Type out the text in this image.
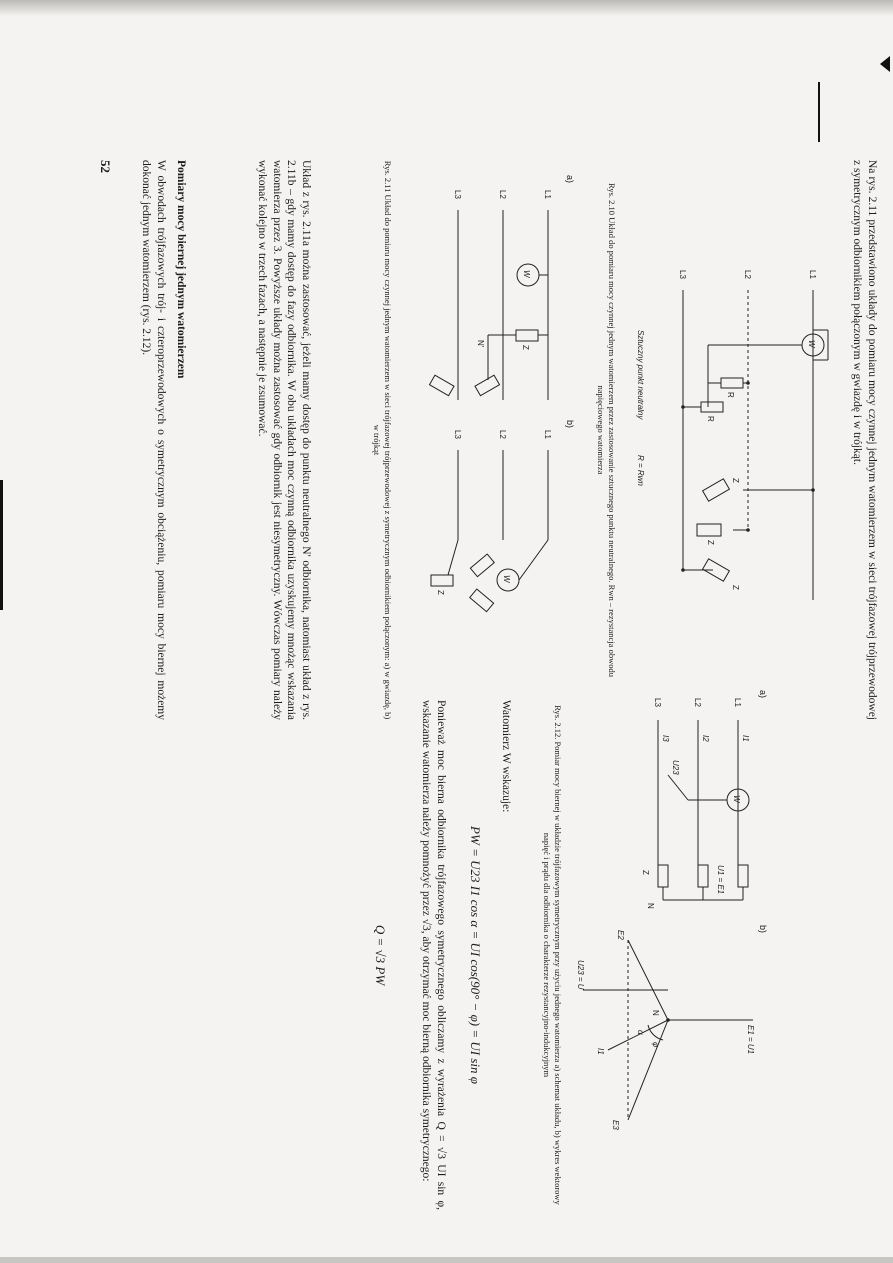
Na rys. 2.11 przedstawiono układy do pomiaru mocy czynnej jednym watomierzem w sieci trójfazowej trójprzewodowej z symetrycznym odbiornikiem połączonym w gwiazdę i w trójkąt.
L1
L2
L3
W
R
R
Z
Z
Z
Sztuczny punkt neutralny
R = Rwn
Rys. 2.10 Układ do pomiaru mocy czynnej jednym watomierzem przez zastosowanie sztucznego punktu neutralnego. Rwn – rezystancja obwodu napięciowego watomierza
a)
b)
L1
L2
L3
W
Z
N'
L1
L2
L3
W
Z
Rys. 2.11 Układ do pomiaru mocy czynnej jednym watomierzem w sieci trójfazowej trójprzewodowej z symetrycznym odbiornikiem połączonym: a) w gwiazdę, b) w trójkąt
Układ z rys. 2.11a można zastosować, jeżeli mamy dostęp do punktu neutralnego N' odbiornika, natomiast układ z rys. 2.11b – gdy mamy dostęp do fazy odbiornika. W obu układach moc czynną odbiornika uzyskujemy mnożąc wskazania watomierza przez 3. Powyższe układy można zastosować gdy odbiornik jest niesymetryczny. Wówczas pomiary należy wykonać kolejno w trzech fazach, a następnie je zsumować.
Pomiary mocy biernej jednym watomierzem
W obwodach trójfazowych trój- i czteroprzewodowych o symetrycznym obciążeniu, pomiaru mocy biernej możemy dokonać jednym watomierzem (rys. 2.12).
52
a)
b)
L1
L2
L3
I1
I2
I3
W
U23
U1 = E1
Z
N
E2
E3
E1 = U1
U23 = U
I1
N
α
φ
Rys. 2.12. Pomiar mocy biernej w układzie trójfazowym symetrycznym przy użyciu jednego watomierza a) schemat układu, b) wykres wektorowy napięć i prądu dla odbiornika o charakterze rezystancyjno-indukcyjnym
Watomierz W wskazuje:
PW = U23 I1 cos α = UI cos(90° − φ) = UI sin φ
Ponieważ moc bierna odbiornika trójfazowego symetrycznego obliczamy z wyrażenia Q = √3 UI sin φ, wskazanie watomierza należy pomnożyć przez √3, aby otrzymać moc bierną odbiornika symetrycznego:
Q = √3 PW
